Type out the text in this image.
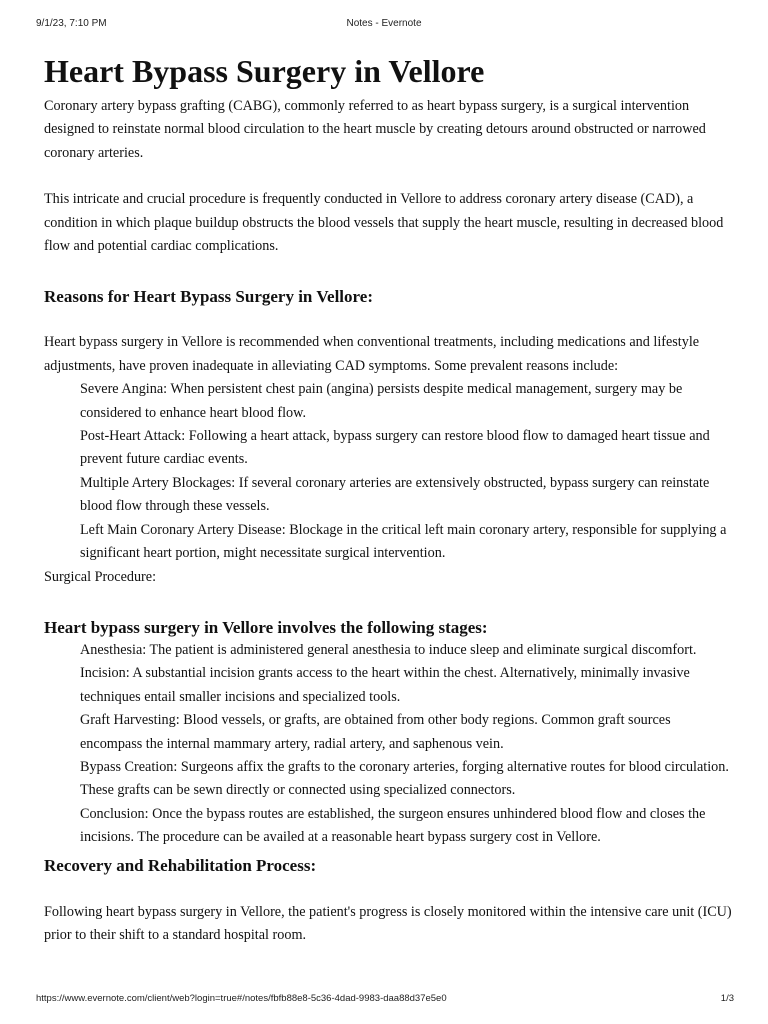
9/1/23, 7:10 PM	Notes - Evernote
Heart Bypass Surgery in Vellore

Coronary artery bypass grafting (CABG), commonly referred to as heart bypass surgery, is a surgical intervention designed to reinstate normal blood circulation to the heart muscle by creating detours around obstructed or narrowed coronary arteries.

This intricate and crucial procedure is frequently conducted in Vellore to address coronary artery disease (CAD), a condition in which plaque buildup obstructs the blood vessels that supply the heart muscle, resulting in decreased blood flow and potential cardiac complications.

Reasons for Heart Bypass Surgery in Vellore:

Heart bypass surgery in Vellore is recommended when conventional treatments, including medications and lifestyle adjustments, have proven inadequate in alleviating CAD symptoms. Some prevalent reasons include:

Severe Angina: When persistent chest pain (angina) persists despite medical management, surgery may be considered to enhance heart blood flow.

Post-Heart Attack: Following a heart attack, bypass surgery can restore blood flow to damaged heart tissue and prevent future cardiac events.

Multiple Artery Blockages: If several coronary arteries are extensively obstructed, bypass surgery can reinstate blood flow through these vessels.

Left Main Coronary Artery Disease: Blockage in the critical left main coronary artery, responsible for supplying a significant heart portion, might necessitate surgical intervention.

Surgical Procedure:

Heart bypass surgery in Vellore involves the following stages:

Anesthesia: The patient is administered general anesthesia to induce sleep and eliminate surgical discomfort.

Incision: A substantial incision grants access to the heart within the chest. Alternatively, minimally invasive techniques entail smaller incisions and specialized tools.

Graft Harvesting: Blood vessels, or grafts, are obtained from other body regions. Common graft sources encompass the internal mammary artery, radial artery, and saphenous vein.

Bypass Creation: Surgeons affix the grafts to the coronary arteries, forging alternative routes for blood circulation. These grafts can be sewn directly or connected using specialized connectors.

Conclusion: Once the bypass routes are established, the surgeon ensures unhindered blood flow and closes the incisions. The procedure can be availed at a reasonable heart bypass surgery cost in Vellore.

Recovery and Rehabilitation Process:

Following heart bypass surgery in Vellore, the patient's progress is closely monitored within the intensive care unit (ICU) prior to their shift to a standard hospital room.

https://www.evernote.com/client/web?login=true#/notes/fbfb88e8-5c36-4dad-9983-daa88d37e5e0	1/3
